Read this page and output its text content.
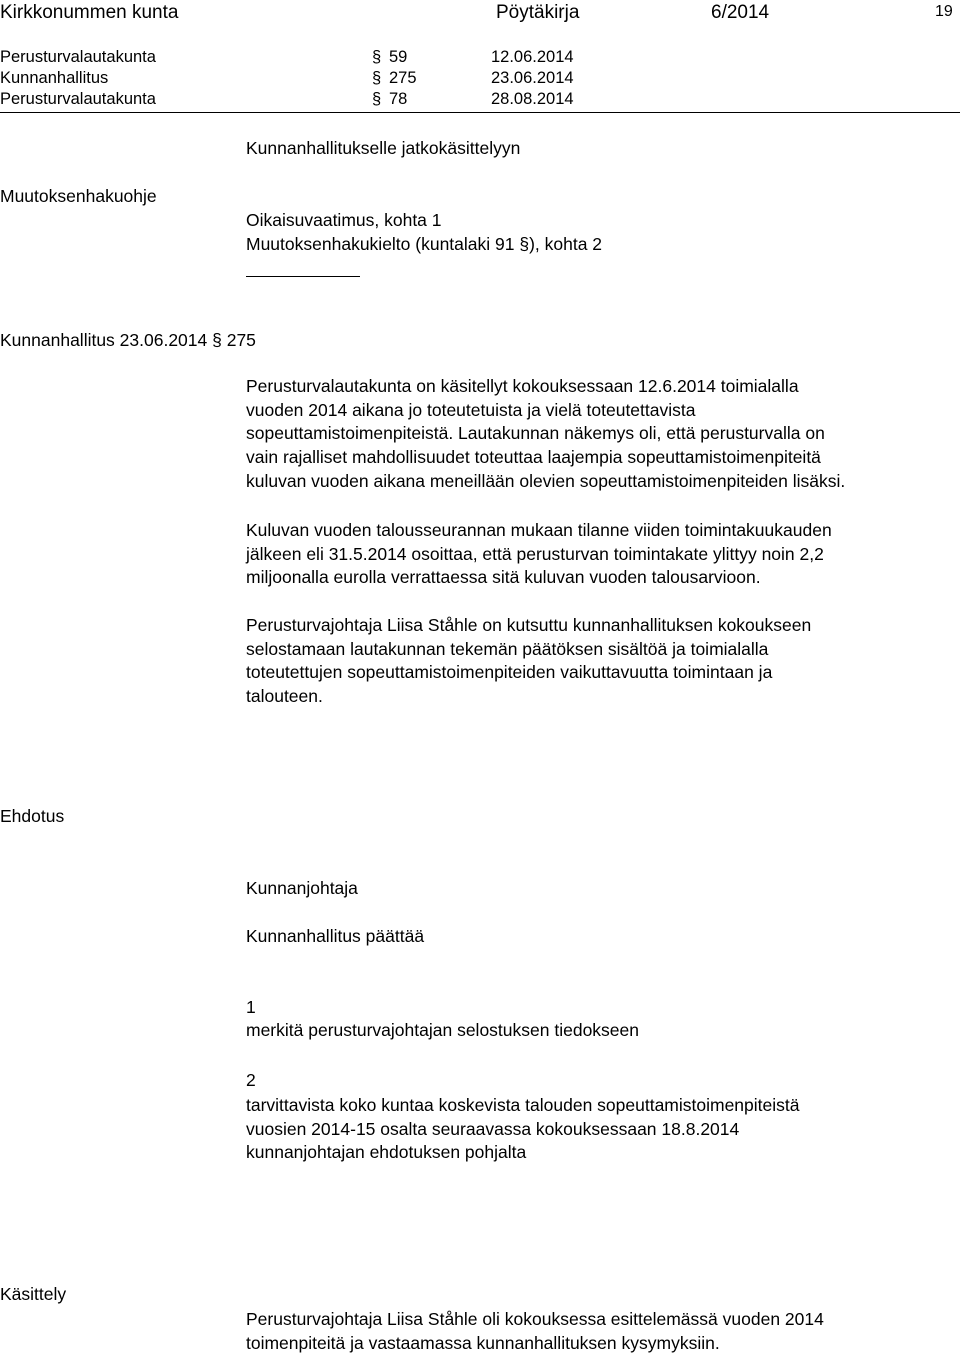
Kirkkonummen kunta	Pöytäkirja	6/2014	19
Perusturvalautakunta	§ 59	12.06.2014
Kunnanhallitus	§ 275	23.06.2014
Perusturvalautakunta	§ 78	28.08.2014
Kunnanhallitukselle jatkokäsittelyyn
Muutoksenhakuohje
Oikaisuvaatimus, kohta 1
Muutoksenhakukielto (kuntalaki 91 §), kohta 2
Kunnanhallitus 23.06.2014 § 275
Perusturvalautakunta on käsitellyt kokouksessaan 12.6.2014 toimialalla
vuoden 2014 aikana jo toteutetuista ja vielä toteutettavista
sopeuttamistoimenpiteistä. Lautakunnan näkemys oli, että perusturvalla on
vain rajalliset mahdollisuudet toteuttaa laajempia sopeuttamistoimenpiteitä
kuluvan vuoden aikana meneillään olevien sopeuttamistoimenpiteiden lisäksi.
Kuluvan vuoden talousseurannan mukaan tilanne viiden toimintakuukauden
jälkeen eli 31.5.2014 osoittaa, että perusturvan toimintakate ylittyy noin 2,2
miljoonalla eurolla verrattaessa sitä kuluvan vuoden talousarvioon.
Perusturvajohtaja Liisa Ståhle on kutsuttu kunnanhallituksen kokoukseen
selostamaan lautakunnan tekemän päätöksen sisältöä ja toimialalla
toteutettujen sopeuttamistoimenpiteiden vaikuttavuutta toimintaan ja
talouteen.
Ehdotus
Kunnanjohtaja
Kunnanhallitus päättää
1
merkitä perusturvajohtajan selostuksen tiedokseen
2
tarvittavista koko kuntaa koskevista talouden sopeuttamistoimenpiteistä
vuosien 2014-15 osalta seuraavassa kokouksessaan 18.8.2014
kunnanjohtajan ehdotuksen pohjalta
Käsittely
Perusturvajohtaja Liisa Ståhle oli kokouksessa esittelemässä vuoden 2014
toimenpiteitä ja vastaamassa kunnanhallituksen kysymyksiin.
